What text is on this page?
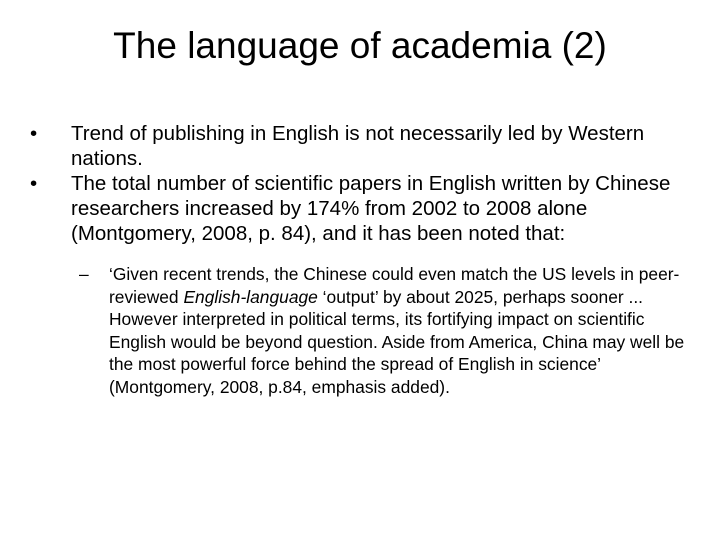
The language of academia (2)

•	Trend of publishing in English is not necessarily led by Western nations.

•	The total number of scientific papers in English written by Chinese researchers increased by 174% from 2002 to 2008 alone (Montgomery, 2008, p. 84), and it has been noted that:

– ‘Given recent trends, the Chinese could even match the US levels in peer-reviewed English-language ‘output’ by about 2025, perhaps sooner ... However interpreted in political terms, its fortifying impact on scientific English would be beyond question. Aside from America, China may well be the most powerful force behind the spread of English in science’ (Montgomery, 2008, p.84, emphasis added).
